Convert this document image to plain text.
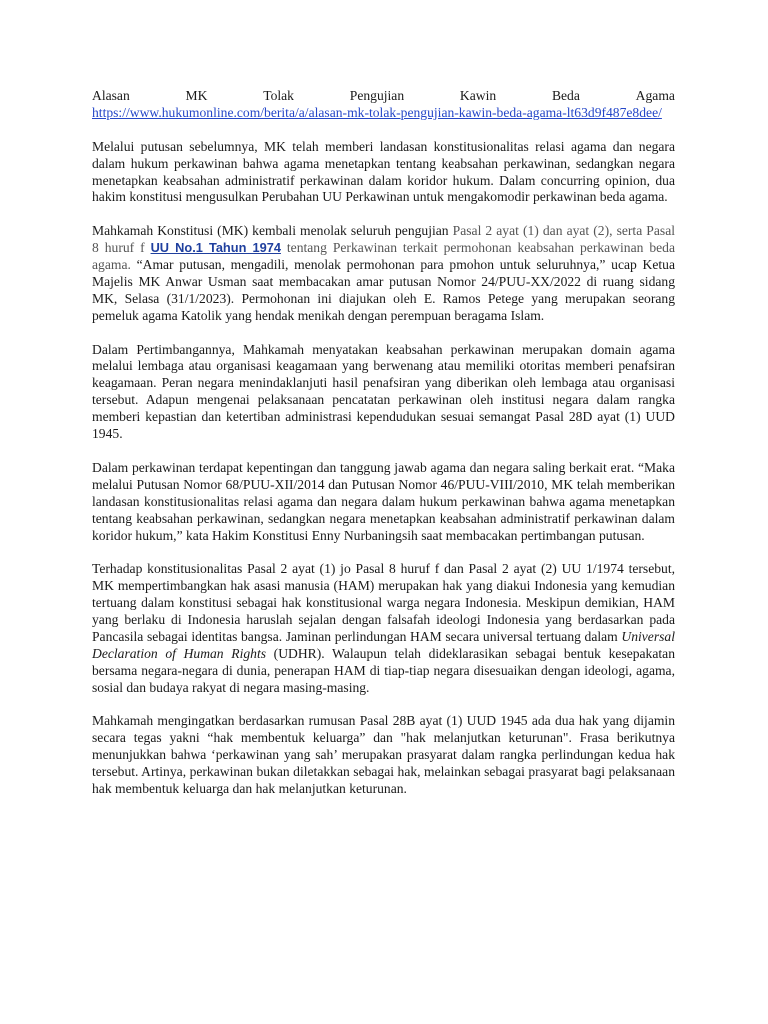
Alasan	MK	Tolak	Pengujian	Kawin	Beda	Agama
https://www.hukumonline.com/berita/a/alasan-mk-tolak-pengujian-kawin-beda-agama-lt63d9f487e8dee/

Melalui putusan sebelumnya, MK telah memberi landasan konstitusionalitas relasi agama dan negara dalam hukum perkawinan bahwa agama menetapkan tentang keabsahan perkawinan, sedangkan negara menetapkan keabsahan administratif perkawinan dalam koridor hukum. Dalam concurring opinion, dua hakim konstitusi mengusulkan Perubahan UU Perkawinan untuk mengakomodir perkawinan beda agama.

Mahkamah Konstitusi (MK) kembali menolak seluruh pengujian Pasal 2 ayat (1) dan ayat (2), serta Pasal 8 huruf f UU No.1 Tahun 1974 tentang Perkawinan terkait permohonan keabsahan perkawinan beda agama. “Amar putusan, mengadili, menolak permohonan para pmohon untuk seluruhnya,” ucap Ketua Majelis MK Anwar Usman saat membacakan amar putusan Nomor 24/PUU-XX/2022 di ruang sidang MK, Selasa (31/1/2023). Permohonan ini diajukan oleh E. Ramos Petege yang merupakan seorang pemeluk agama Katolik yang hendak menikah dengan perempuan beragama Islam.

Dalam Pertimbangannya, Mahkamah menyatakan keabsahan perkawinan merupakan domain agama melalui lembaga atau organisasi keagamaan yang berwenang atau memiliki otoritas memberi penafsiran keagamaan. Peran negara menindaklanjuti hasil penafsiran yang diberikan oleh lembaga atau organisasi tersebut. Adapun mengenai pelaksanaan pencatatan perkawinan oleh institusi negara dalam rangka memberi kepastian dan ketertiban administrasi kependudukan sesuai semangat Pasal 28D ayat (1) UUD 1945.

Dalam perkawinan terdapat kepentingan dan tanggung jawab agama dan negara saling berkait erat. “Maka melalui Putusan Nomor 68/PUU-XII/2014 dan Putusan Nomor 46/PUU-VIII/2010, MK telah memberikan landasan konstitusionalitas relasi agama dan negara dalam hukum perkawinan bahwa agama menetapkan tentang keabsahan perkawinan, sedangkan negara menetapkan keabsahan administratif perkawinan dalam koridor hukum,” kata Hakim Konstitusi Enny Nurbaningsih saat membacakan pertimbangan putusan.

Terhadap konstitusionalitas Pasal 2 ayat (1) jo Pasal 8 huruf f dan Pasal 2 ayat (2) UU 1/1974 tersebut, MK mempertimbangkan hak asasi manusia (HAM) merupakan hak yang diakui Indonesia yang kemudian tertuang dalam konstitusi sebagai hak konstitusional warga negara Indonesia. Meskipun demikian, HAM yang berlaku di Indonesia haruslah sejalan dengan falsafah ideologi Indonesia yang berdasarkan pada Pancasila sebagai identitas bangsa. Jaminan perlindungan HAM secara universal tertuang dalam Universal Declaration of Human Rights (UDHR). Walaupun telah dideklarasikan sebagai bentuk kesepakatan bersama negara-negara di dunia, penerapan HAM di tiap-tiap negara disesuaikan dengan ideologi, agama, sosial dan budaya rakyat di negara masing-masing.

Mahkamah mengingatkan berdasarkan rumusan Pasal 28B ayat (1) UUD 1945 ada dua hak yang dijamin secara tegas yakni “hak membentuk keluarga” dan "hak melanjutkan keturunan". Frasa berikutnya menunjukkan bahwa ‘perkawinan yang sah’ merupakan prasyarat dalam rangka perlindungan kedua hak tersebut. Artinya, perkawinan bukan diletakkan sebagai hak, melainkan sebagai prasyarat bagi pelaksanaan hak membentuk keluarga dan hak melanjutkan keturunan.
